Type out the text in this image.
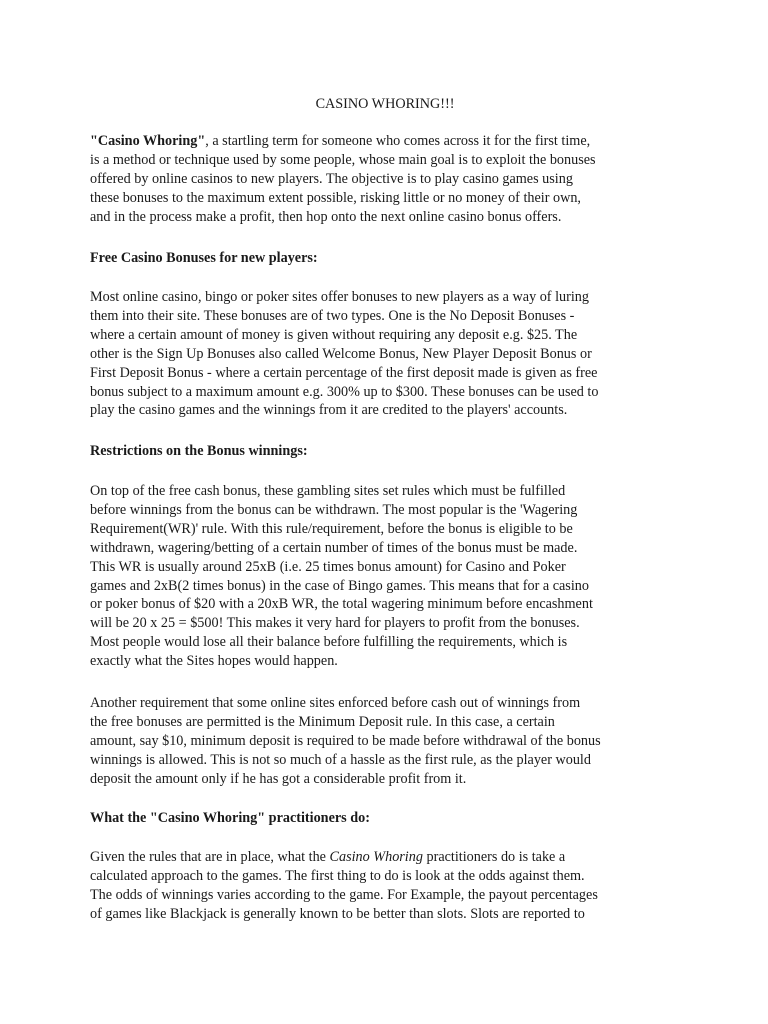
CASINO WHORING!!!

"Casino Whoring", a startling term for someone who comes across it for the first time,
is a method or technique used by some people, whose main goal is to exploit the bonuses
offered by online casinos to new players. The objective is to play casino games using
these bonuses to the maximum extent possible, risking little or no money of their own,
and in the process make a profit, then hop onto the next online casino bonus offers.

Free Casino Bonuses for new players:

Most online casino, bingo or poker sites offer bonuses to new players as a way of luring
them into their site. These bonuses are of two types. One is the No Deposit Bonuses -
where a certain amount of money is given without requiring any deposit e.g. $25. The
other is the Sign Up Bonuses also called Welcome Bonus, New Player Deposit Bonus or
First Deposit Bonus - where a certain percentage of the first deposit made is given as free
bonus subject to a maximum amount e.g. 300% up to $300. These bonuses can be used to
play the casino games and the winnings from it are credited to the players' accounts.

Restrictions on the Bonus winnings:

On top of the free cash bonus, these gambling sites set rules which must be fulfilled
before winnings from the bonus can be withdrawn. The most popular is the 'Wagering
Requirement(WR)' rule. With this rule/requirement, before the bonus is eligible to be
withdrawn, wagering/betting of a certain number of times of the bonus must be made.
This WR is usually around 25xB (i.e. 25 times bonus amount) for Casino and Poker
games and 2xB(2 times bonus) in the case of Bingo games. This means that for a casino
or poker bonus of $20 with a 20xB WR, the total wagering minimum before encashment
will be 20 x 25 = $500! This makes it very hard for players to profit from the bonuses.
Most people would lose all their balance before fulfilling the requirements, which is
exactly what the Sites hopes would happen.

Another requirement that some online sites enforced before cash out of winnings from
the free bonuses are permitted is the Minimum Deposit rule. In this case, a certain
amount, say $10, minimum deposit is required to be made before withdrawal of the bonus
winnings is allowed. This is not so much of a hassle as the first rule, as the player would
deposit the amount only if he has got a considerable profit from it.

What the "Casino Whoring" practitioners do:

Given the rules that are in place, what the Casino Whoring practitioners do is take a
calculated approach to the games. The first thing to do is look at the odds against them.
The odds of winnings varies according to the game. For Example, the payout percentages
of games like Blackjack is generally known to be better than slots. Slots are reported to
